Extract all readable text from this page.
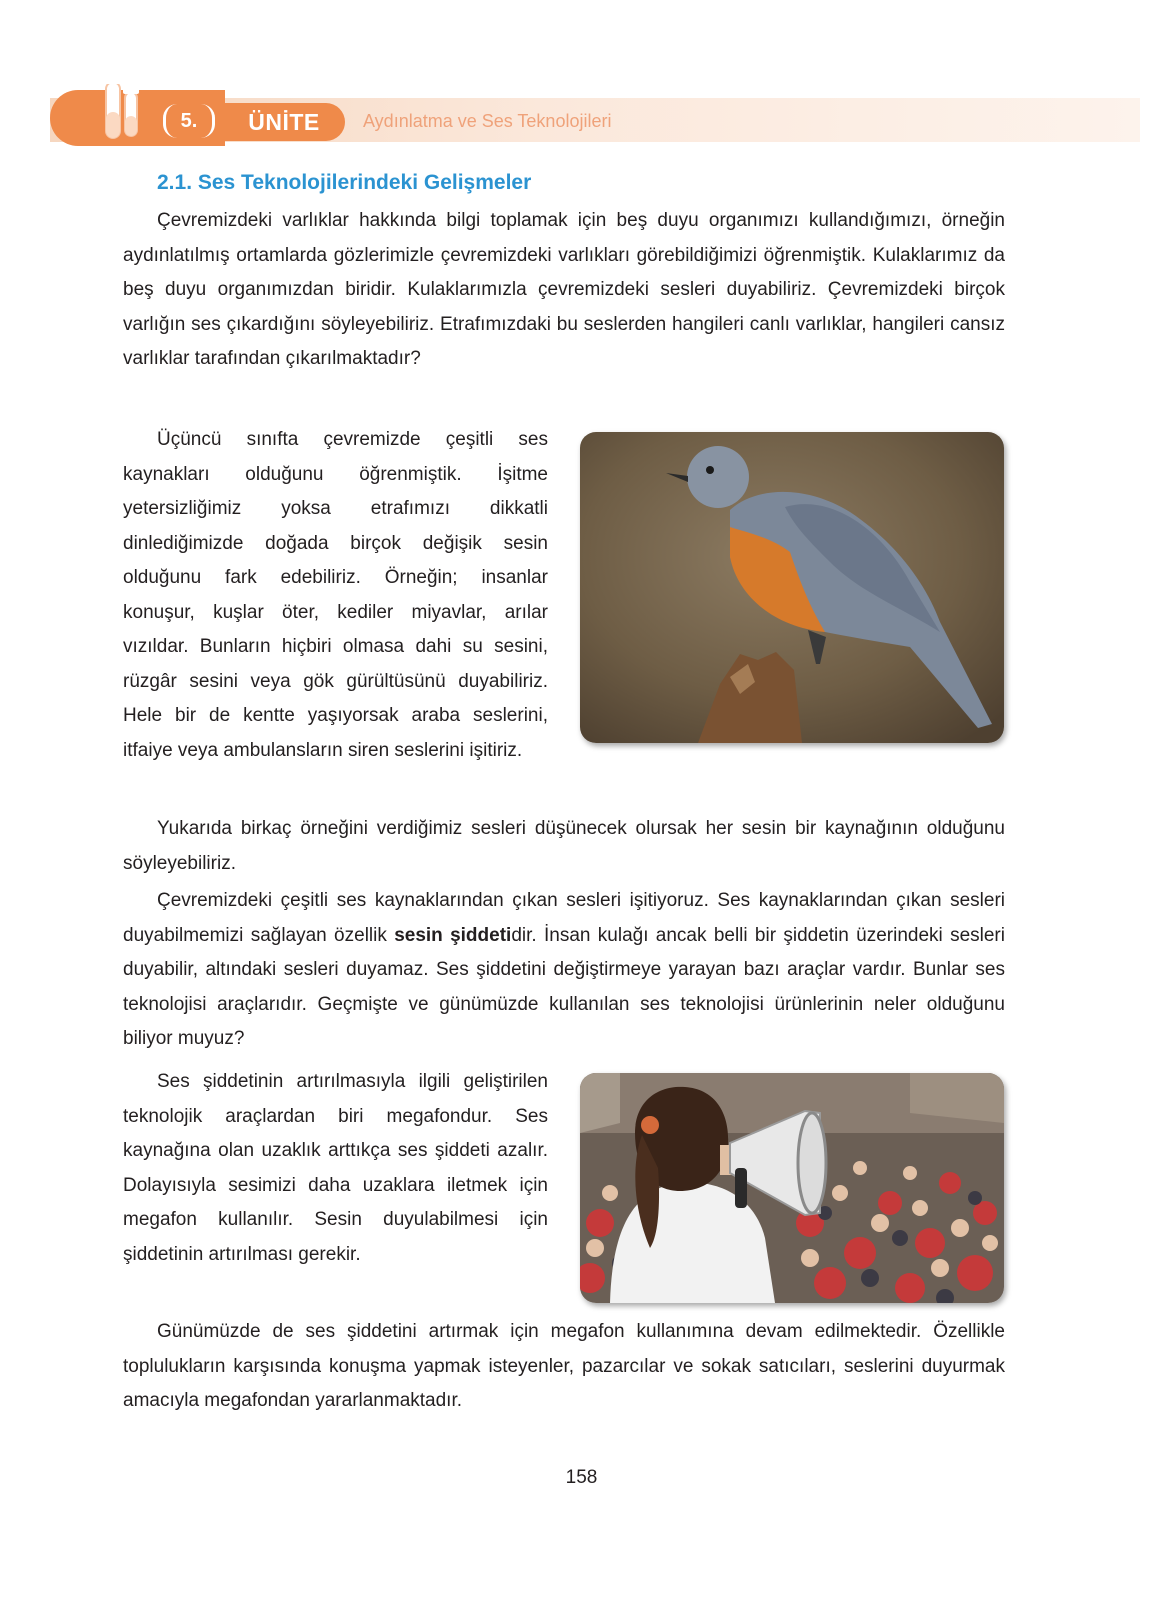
5.	ÜNİTE	Aydınlatma ve Ses Teknolojileri
2.1. Ses Teknolojilerindeki Gelişmeler

Çevremizdeki varlıklar hakkında bilgi toplamak için beş duyu organımızı kullandığımızı, örneğin aydınlatılmış ortamlarda gözlerimizle çevremizdeki varlıkları görebildiğimizi öğrenmiştik. Kulaklarımız da beş duyu organımızdan biridir. Kulaklarımızla çevremizdeki sesleri duyabiliriz. Çevremizdeki birçok varlığın ses çıkardığını söyleyebiliriz. Etrafımızdaki bu seslerden hangileri canlı varlıklar, hangileri cansız varlıklar tarafından çıkarılmaktadır?

Üçüncü sınıfta çevremizde çeşitli ses kaynakları olduğunu öğrenmiştik. İşitme yetersizliğimiz yoksa etrafımızı dikkatli dinlediğimizde doğada birçok değişik sesin olduğunu fark edebiliriz. Örneğin; insanlar konuşur, kuşlar öter, kediler miyavlar, arılar vızıldar. Bunların hiçbiri olmasa dahi su sesini, rüzgâr sesini veya gök gürültüsünü duyabiliriz. Hele bir de kentte yaşıyorsak araba seslerini, itfaiye veya ambulansların siren seslerini işitiriz.

Yukarıda birkaç örneğini verdiğimiz sesleri düşünecek olursak her sesin bir kaynağının olduğunu söyleyebiliriz.

Çevremizdeki çeşitli ses kaynaklarından çıkan sesleri işitiyoruz. Ses kaynaklarından çıkan sesleri duyabilmemizi sağlayan özellik sesin şiddetidir. İnsan kulağı ancak belli bir şiddetin üzerindeki sesleri duyabilir, altındaki sesleri duyamaz. Ses şiddetini değiştirmeye yarayan bazı araçlar vardır. Bunlar ses teknolojisi araçlarıdır. Geçmişte ve günümüzde kullanılan ses teknolojisi ürünlerinin neler olduğunu biliyor muyuz?

Ses şiddetinin artırılmasıyla ilgili geliştirilen teknolojik araçlardan biri megafondur. Ses kaynağına olan uzaklık arttıkça ses şiddeti azalır. Dolayısıyla sesimizi daha uzaklara iletmek için megafon kullanılır. Sesin duyulabilmesi için şiddetinin artırılması gerekir.

Günümüzde de ses şiddetini artırmak için megafon kullanımına devam edilmektedir. Özellikle toplulukların karşısında konuşma yapmak isteyenler, pazarcılar ve sokak satıcıları, seslerini duyurmak amacıyla megafondan yararlanmaktadır.

158
